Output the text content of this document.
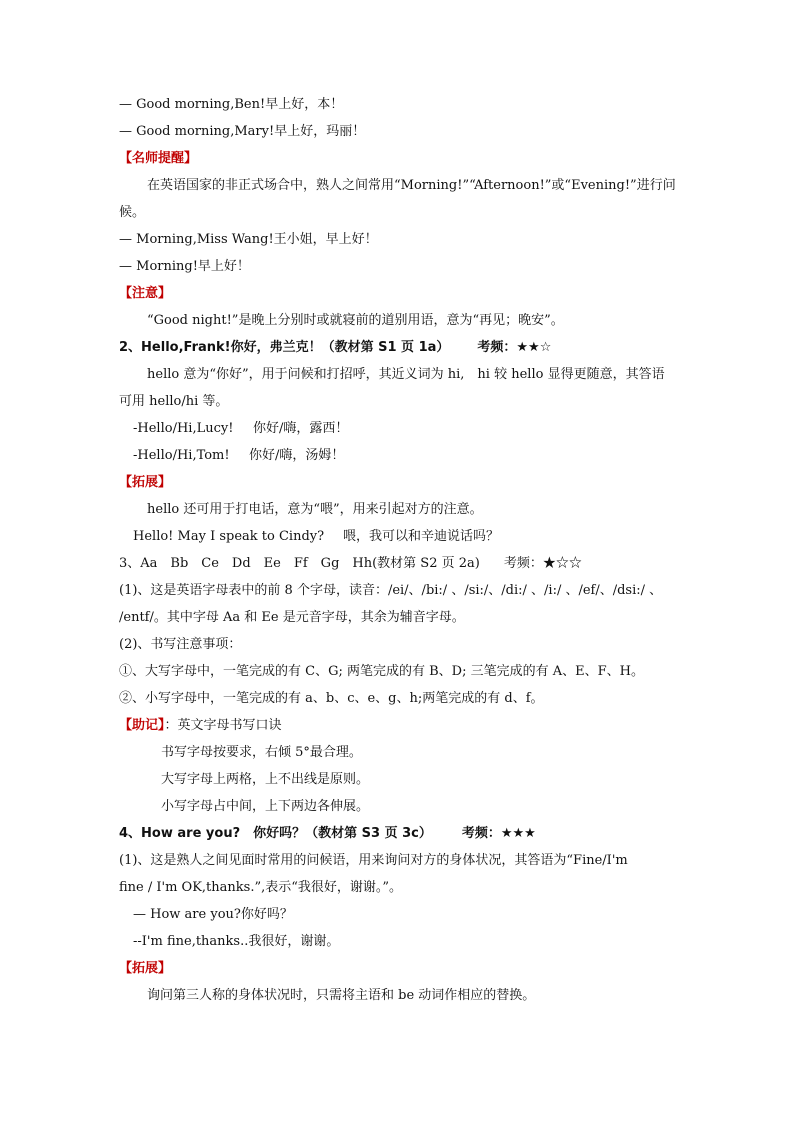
— Good morning,Ben!早上好，本！
— Good morning,Mary!早上好，玛丽！
【名师提醒】
在英语国家的非正式场合中，熟人之间常用“Morning!”“Afternoon!”或“Evening!”进行问
候。
— Morning,Miss Wang!王小姐，早上好！
— Morning!早上好！
【注意】
“Good night!”是晚上分别时或就寝前的道别用语，意为“再见；晚安”。
2、Hello,Frank!你好，弗兰克！（教材第 S1 页 1a） 考频：★★☆
hello 意为“你好”，用于问候和打招呼，其近义词为 hi,　hi 较 hello 显得更随意，其答语
可用 hello/hi 等。
-Hello/Hi,Lucy! 你好/嗨，露西！
-Hello/Hi,Tom! 你好/嗨，汤姆！
【拓展】
hello 还可用于打电话，意为“喂”，用来引起对方的注意。
Hello! May I speak to Cindy? 喂，我可以和辛迪说话吗？
3、Aa　Bb　Ce　Dd　Ee　Ff　Gg　Hh(教材第 S2 页 2a) 考频：★☆☆
(1)、这是英语字母表中的前 8 个字母，读音：/ei/、/bi:/ 、/si:/、/di:/ 、/i:/ 、/ef/、/dsi:/ 、
/entf/。其中字母 Aa 和 Ee 是元音字母，其余为辅音字母。
(2)、书写注意事项：
①、大写字母中，一笔完成的有 C、G; 两笔完成的有 B、D; 三笔完成的有 A、E、F、H。
②、小写字母中，一笔完成的有 a、b、c、e、g、h;两笔完成的有 d、f。
【助记】：英文字母书写口诀
书写字母按要求，右倾 5°最合理。
大写字母上两格，上不出线是原则。
小写字母占中间，上下两边各伸展。
4、How are you?　你好吗？（教材第 S3 页 3c） 考频：★★★
(1)、这是熟人之间见面时常用的问候语，用来询问对方的身体状况，其答语为“Fine/I'm
fine / I'm OK,thanks.”,表示“我很好，谢谢。”。
— How are you?你好吗？
--I'm fine,thanks..我很好，谢谢。
【拓展】
询问第三人称的身体状况时，只需将主语和 be 动词作相应的替换。
